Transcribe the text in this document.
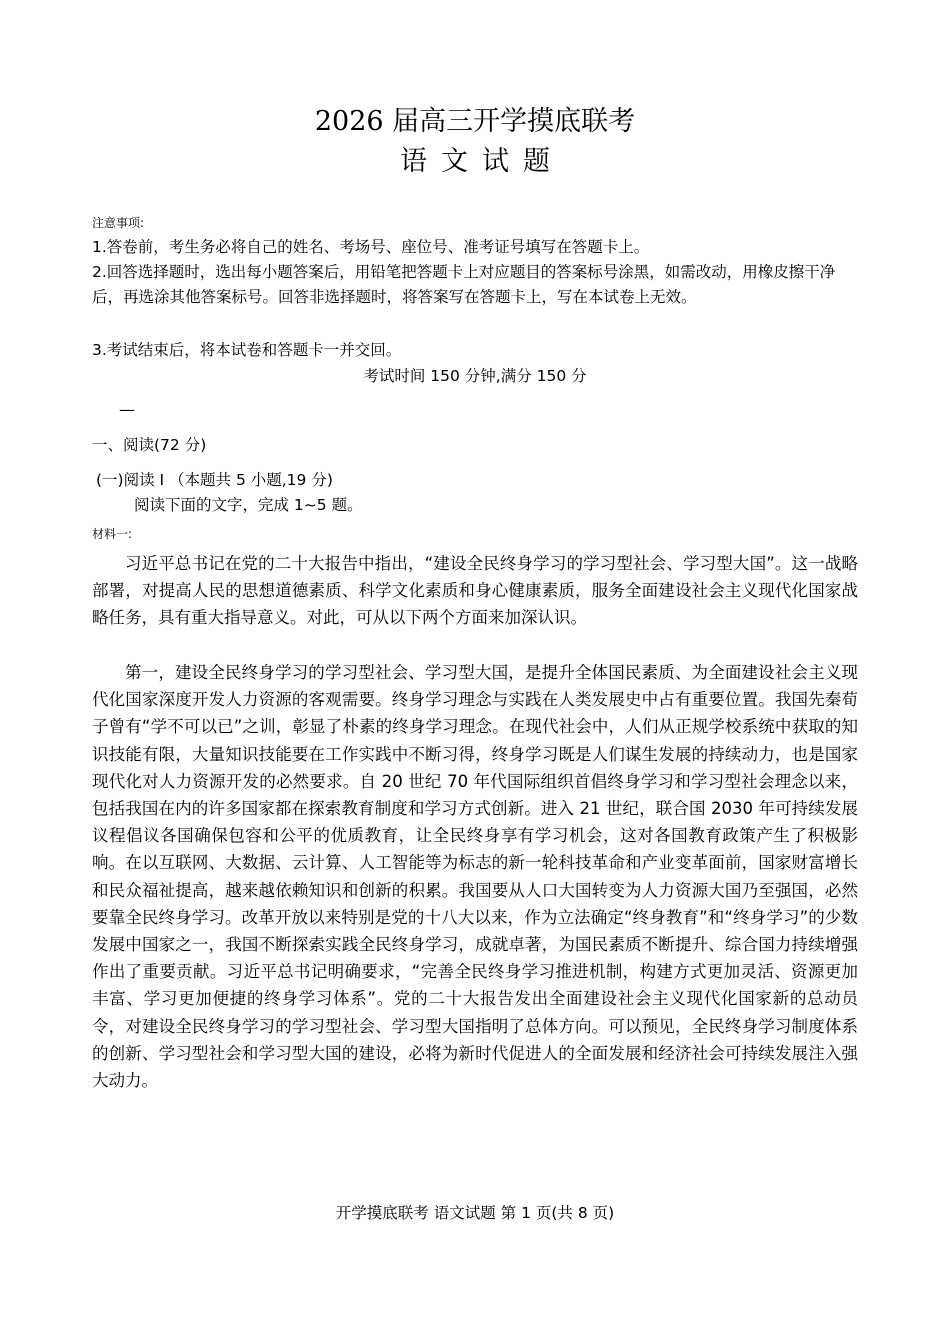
2026 届高三开学摸底联考
语文试题
注意事项:
1.答卷前，考生务必将自己的姓名、考场号、座位号、准考证号填写在答题卡上。
2.回答选择题时，选出每小题答案后，用铅笔把答题卡上对应题目的答案标号涂黑，如需改动，用橡皮擦干净后，再选涂其他答案标号。回答非选择题时，将答案写在答题卡上，写在本试卷上无效。
3.考试结束后，将本试卷和答题卡一并交回。
考试时间 150 分钟,满分 150 分
—
一、阅读(72 分)
(一)阅读 I （本题共 5 小题,19 分)
阅读下面的文字，完成 1~5 题。
材料一:

习近平总书记在党的二十大报告中指出，“建设全民终身学习的学习型社会、学习型大国”。这一战略部署，对提高人民的思想道德素质、科学文化素质和身心健康素质，服务全面建设社会主义现代化国家战略任务，具有重大指导意义。对此，可从以下两个方面来加深认识。

第一，建设全民终身学习的学习型社会、学习型大国，是提升全体国民素质、为全面建设社会主义现代化国家深度开发人力资源的客观需要。终身学习理念与实践在人类发展史中占有重要位置。我国先秦荀子曾有“学不可以已”之训，彰显了朴素的终身学习理念。在现代社会中，人们从正规学校系统中获取的知识技能有限，大量知识技能要在工作实践中不断习得，终身学习既是人们谋生发展的持续动力，也是国家现代化对人力资源开发的必然要求。自 20 世纪 70 年代国际组织首倡终身学习和学习型社会理念以来，包括我国在内的许多国家都在探索教育制度和学习方式创新。进入 21 世纪，联合国 2030 年可持续发展议程倡议各国确保包容和公平的优质教育，让全民终身享有学习机会，这对各国教育政策产生了积极影响。在以互联网、大数据、云计算、人工智能等为标志的新一轮科技革命和产业变革面前，国家财富增长和民众福祉提高，越来越依赖知识和创新的积累。我国要从人口大国转变为人力资源大国乃至强国，必然要靠全民终身学习。改革开放以来特别是党的十八大以来，作为立法确定“终身教育”和“终身学习”的少数发展中国家之一，我国不断探索实践全民终身学习，成就卓著，为国民素质不断提升、综合国力持续增强作出了重要贡献。习近平总书记明确要求，“完善全民终身学习推进机制，构建方式更加灵活、资源更加丰富、学习更加便捷的终身学习体系”。党的二十大报告发出全面建设社会主义现代化国家新的总动员令，对建设全民终身学习的学习型社会、学习型大国指明了总体方向。可以预见，全民终身学习制度体系的创新、学习型社会和学习型大国的建设，必将为新时代促进人的全面发展和经济社会可持续发展注入强大动力。

开学摸底联考 语文试题 第 1 页(共 8 页)
